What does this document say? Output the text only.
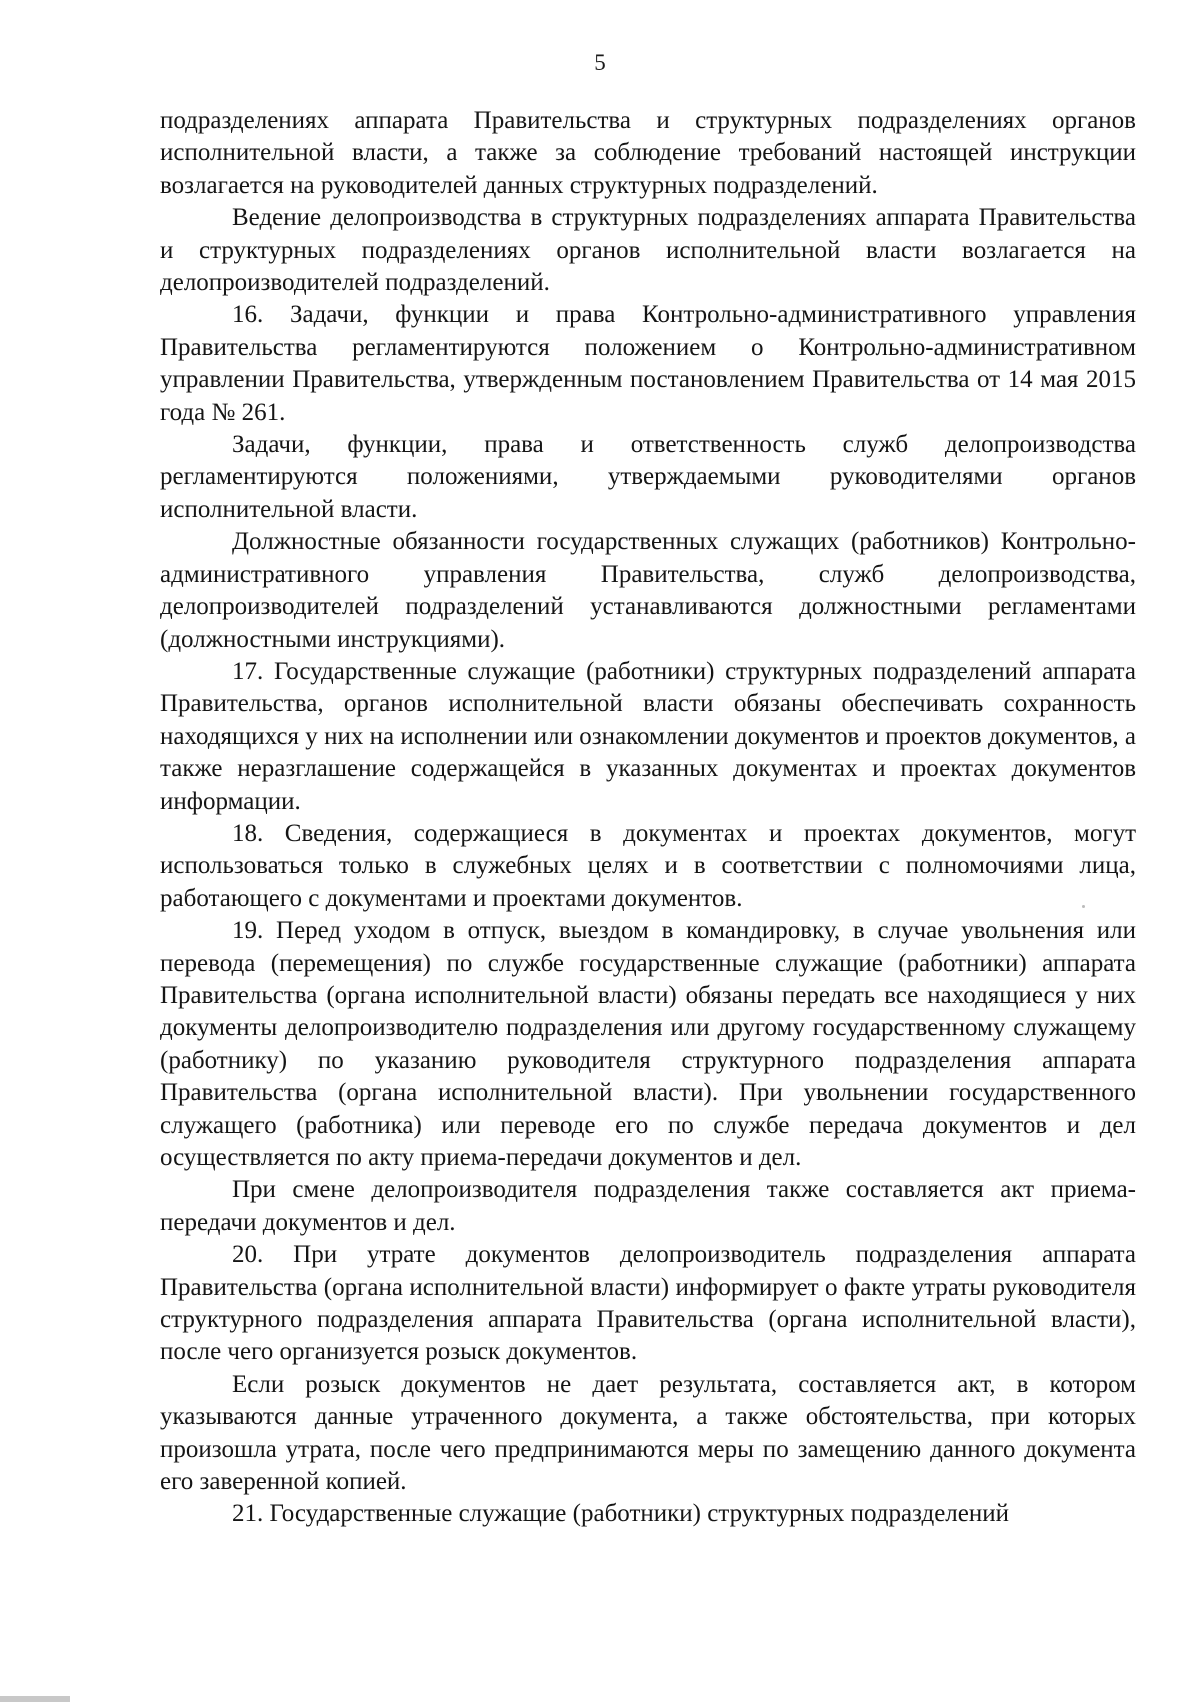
5

подразделениях аппарата Правительства и структурных подразделениях органов исполнительной власти, а также за соблюдение требований настоящей инструкции возлагается на руководителей данных структурных подразделений.

Ведение делопроизводства в структурных подразделениях аппарата Правительства и структурных подразделениях органов исполнительной власти возлагается на делопроизводителей подразделений.

16. Задачи, функции и права Контрольно-административного управления Правительства регламентируются положением о Контрольно-административном управлении Правительства, утвержденным постановлением Правительства от 14 мая 2015 года № 261.

Задачи, функции, права и ответственность служб делопроизводства регламентируются положениями, утверждаемыми руководителями органов исполнительной власти.

Должностные обязанности государственных служащих (работников) Контрольно-административного управления Правительства, служб делопроизводства, делопроизводителей подразделений устанавливаются должностными регламентами (должностными инструкциями).

17. Государственные служащие (работники) структурных подразделений аппарата Правительства, органов исполнительной власти обязаны обеспечивать сохранность находящихся у них на исполнении или ознакомлении документов и проектов документов, а также неразглашение содержащейся в указанных документах и проектах документов информации.

18. Сведения, содержащиеся в документах и проектах документов, могут использоваться только в служебных целях и в соответствии с полномочиями лица, работающего с документами и проектами документов.

19. Перед уходом в отпуск, выездом в командировку, в случае увольнения или перевода (перемещения) по службе государственные служащие (работники) аппарата Правительства (органа исполнительной власти) обязаны передать все находящиеся у них документы делопроизводителю подразделения или другому государственному служащему (работнику) по указанию руководителя структурного подразделения аппарата Правительства (органа исполнительной власти). При увольнении государственного служащего (работника) или переводе его по службе передача документов и дел осуществляется по акту приема-передачи документов и дел.

При смене делопроизводителя подразделения также составляется акт приема-передачи документов и дел.

20. При утрате документов делопроизводитель подразделения аппарата Правительства (органа исполнительной власти) информирует о факте утраты руководителя структурного подразделения аппарата Правительства (органа исполнительной власти), после чего организуется розыск документов.

Если розыск документов не дает результата, составляется акт, в котором указываются данные утраченного документа, а также обстоятельства, при которых произошла утрата, после чего предпринимаются меры по замещению данного документа его заверенной копией.

21. Государственные служащие (работники) структурных подразделений
